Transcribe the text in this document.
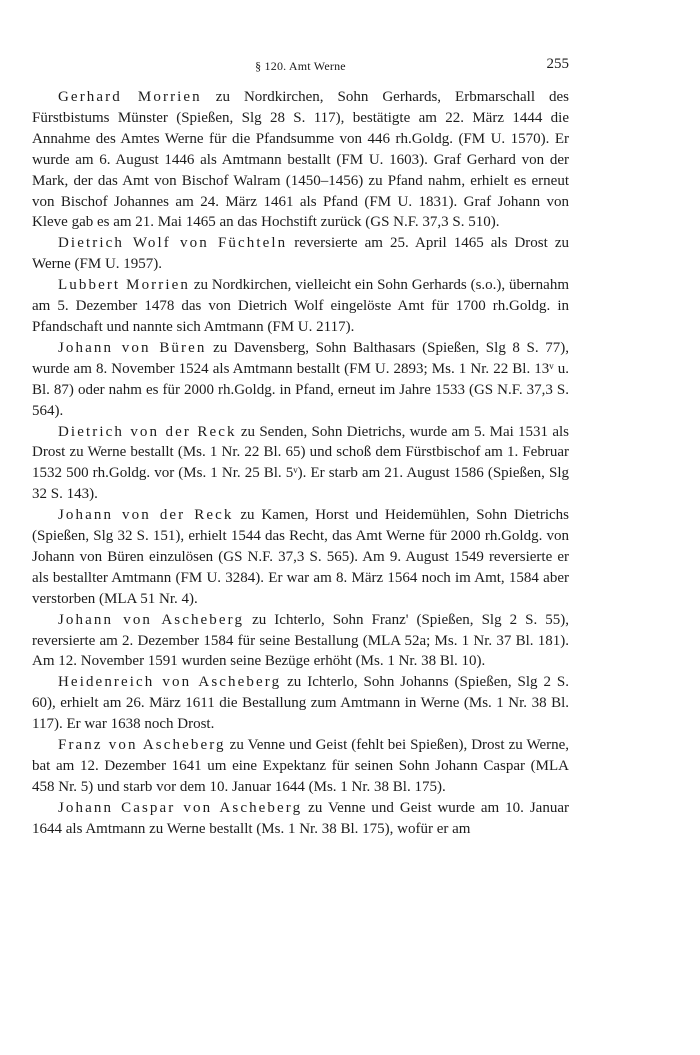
§ 120. Amt Werne	255

Gerhard Morrien zu Nordkirchen, Sohn Gerhards, Erbmarschall des Fürstbistums Münster (Spießen, Slg 28 S. 117), bestätigte am 22. März 1444 die Annahme des Amtes Werne für die Pfandsumme von 446 rh.Goldg. (FM U. 1570). Er wurde am 6. August 1446 als Amtmann bestallt (FM U. 1603). Graf Gerhard von der Mark, der das Amt von Bischof Walram (1450–1456) zu Pfand nahm, erhielt es erneut von Bischof Johannes am 24. März 1461 als Pfand (FM U. 1831). Graf Johann von Kleve gab es am 21. Mai 1465 an das Hochstift zurück (GS N.F. 37,3 S. 510).

Dietrich Wolf von Füchteln reversierte am 25. April 1465 als Drost zu Werne (FM U. 1957).

Lubbert Morrien zu Nordkirchen, vielleicht ein Sohn Gerhards (s.o.), übernahm am 5. Dezember 1478 das von Dietrich Wolf eingelöste Amt für 1700 rh.Goldg. in Pfandschaft und nannte sich Amtmann (FM U. 2117).

Johann von Büren zu Davensberg, Sohn Balthasars (Spießen, Slg 8 S. 77), wurde am 8. November 1524 als Amtmann bestallt (FM U. 2893; Ms. 1 Nr. 22 Bl. 13ᵛ u. Bl. 87) oder nahm es für 2000 rh.Goldg. in Pfand, erneut im Jahre 1533 (GS N.F. 37,3 S. 564).

Dietrich von der Reck zu Senden, Sohn Dietrichs, wurde am 5. Mai 1531 als Drost zu Werne bestallt (Ms. 1 Nr. 22 Bl. 65) und schoß dem Fürstbischof am 1. Februar 1532 500 rh.Goldg. vor (Ms. 1 Nr. 25 Bl. 5ᵛ). Er starb am 21. August 1586 (Spießen, Slg 32 S. 143).

Johann von der Reck zu Kamen, Horst und Heidemühlen, Sohn Dietrichs (Spießen, Slg 32 S. 151), erhielt 1544 das Recht, das Amt Werne für 2000 rh.Goldg. von Johann von Büren einzulösen (GS N.F. 37,3 S. 565). Am 9. August 1549 reversierte er als bestallter Amtmann (FM U. 3284). Er war am 8. März 1564 noch im Amt, 1584 aber verstorben (MLA 51 Nr. 4).

Johann von Ascheberg zu Ichterlo, Sohn Franz' (Spießen, Slg 2 S. 55), reversierte am 2. Dezember 1584 für seine Bestallung (MLA 52a; Ms. 1 Nr. 37 Bl. 181). Am 12. November 1591 wurden seine Bezüge erhöht (Ms. 1 Nr. 38 Bl. 10).

Heidenreich von Ascheberg zu Ichterlo, Sohn Johanns (Spießen, Slg 2 S. 60), erhielt am 26. März 1611 die Bestallung zum Amtmann in Werne (Ms. 1 Nr. 38 Bl. 117). Er war 1638 noch Drost.

Franz von Ascheberg zu Venne und Geist (fehlt bei Spießen), Drost zu Werne, bat am 12. Dezember 1641 um eine Expektanz für seinen Sohn Johann Caspar (MLA 458 Nr. 5) und starb vor dem 10. Januar 1644 (Ms. 1 Nr. 38 Bl. 175).

Johann Caspar von Ascheberg zu Venne und Geist wurde am 10. Januar 1644 als Amtmann zu Werne bestallt (Ms. 1 Nr. 38 Bl. 175), wofür er am
